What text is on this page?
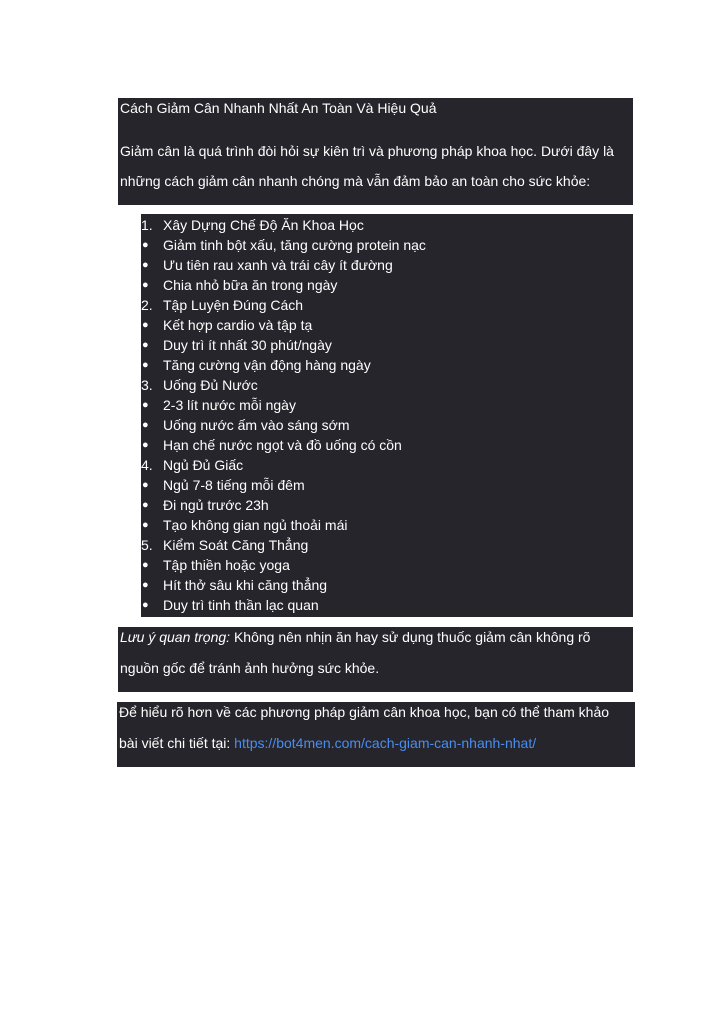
Cách Giảm Cân Nhanh Nhất An Toàn Và Hiệu Quả
Giảm cân là quá trình đòi hỏi sự kiên trì và phương pháp khoa học. Dưới đây là
những cách giảm cân nhanh chóng mà vẫn đảm bảo an toàn cho sức khỏe:
1. Xây Dựng Chế Độ Ăn Khoa Học
●	Giảm tinh bột xấu, tăng cường protein nạc
●	Ưu tiên rau xanh và trái cây ít đường
●	Chia nhỏ bữa ăn trong ngày
2. Tập Luyện Đúng Cách
●	Kết hợp cardio và tập tạ
●	Duy trì ít nhất 30 phút/ngày
●	Tăng cường vận động hàng ngày
3. Uống Đủ Nước
●	2-3 lít nước mỗi ngày
●	Uống nước ấm vào sáng sớm
●	Hạn chế nước ngọt và đồ uống có cồn
4. Ngủ Đủ Giấc
●	Ngủ 7-8 tiếng mỗi đêm
●	Đi ngủ trước 23h
●	Tạo không gian ngủ thoải mái
5. Kiểm Soát Căng Thẳng
●	Tập thiền hoặc yoga
●	Hít thở sâu khi căng thẳng
●	Duy trì tinh thần lạc quan
Lưu ý quan trọng: Không nên nhịn ăn hay sử dụng thuốc giảm cân không rõ
nguồn gốc để tránh ảnh hưởng sức khỏe.
Để hiểu rõ hơn về các phương pháp giảm cân khoa học, bạn có thể tham khảo
bài viết chi tiết tại: https://bot4men.com/cach-giam-can-nhanh-nhat/
